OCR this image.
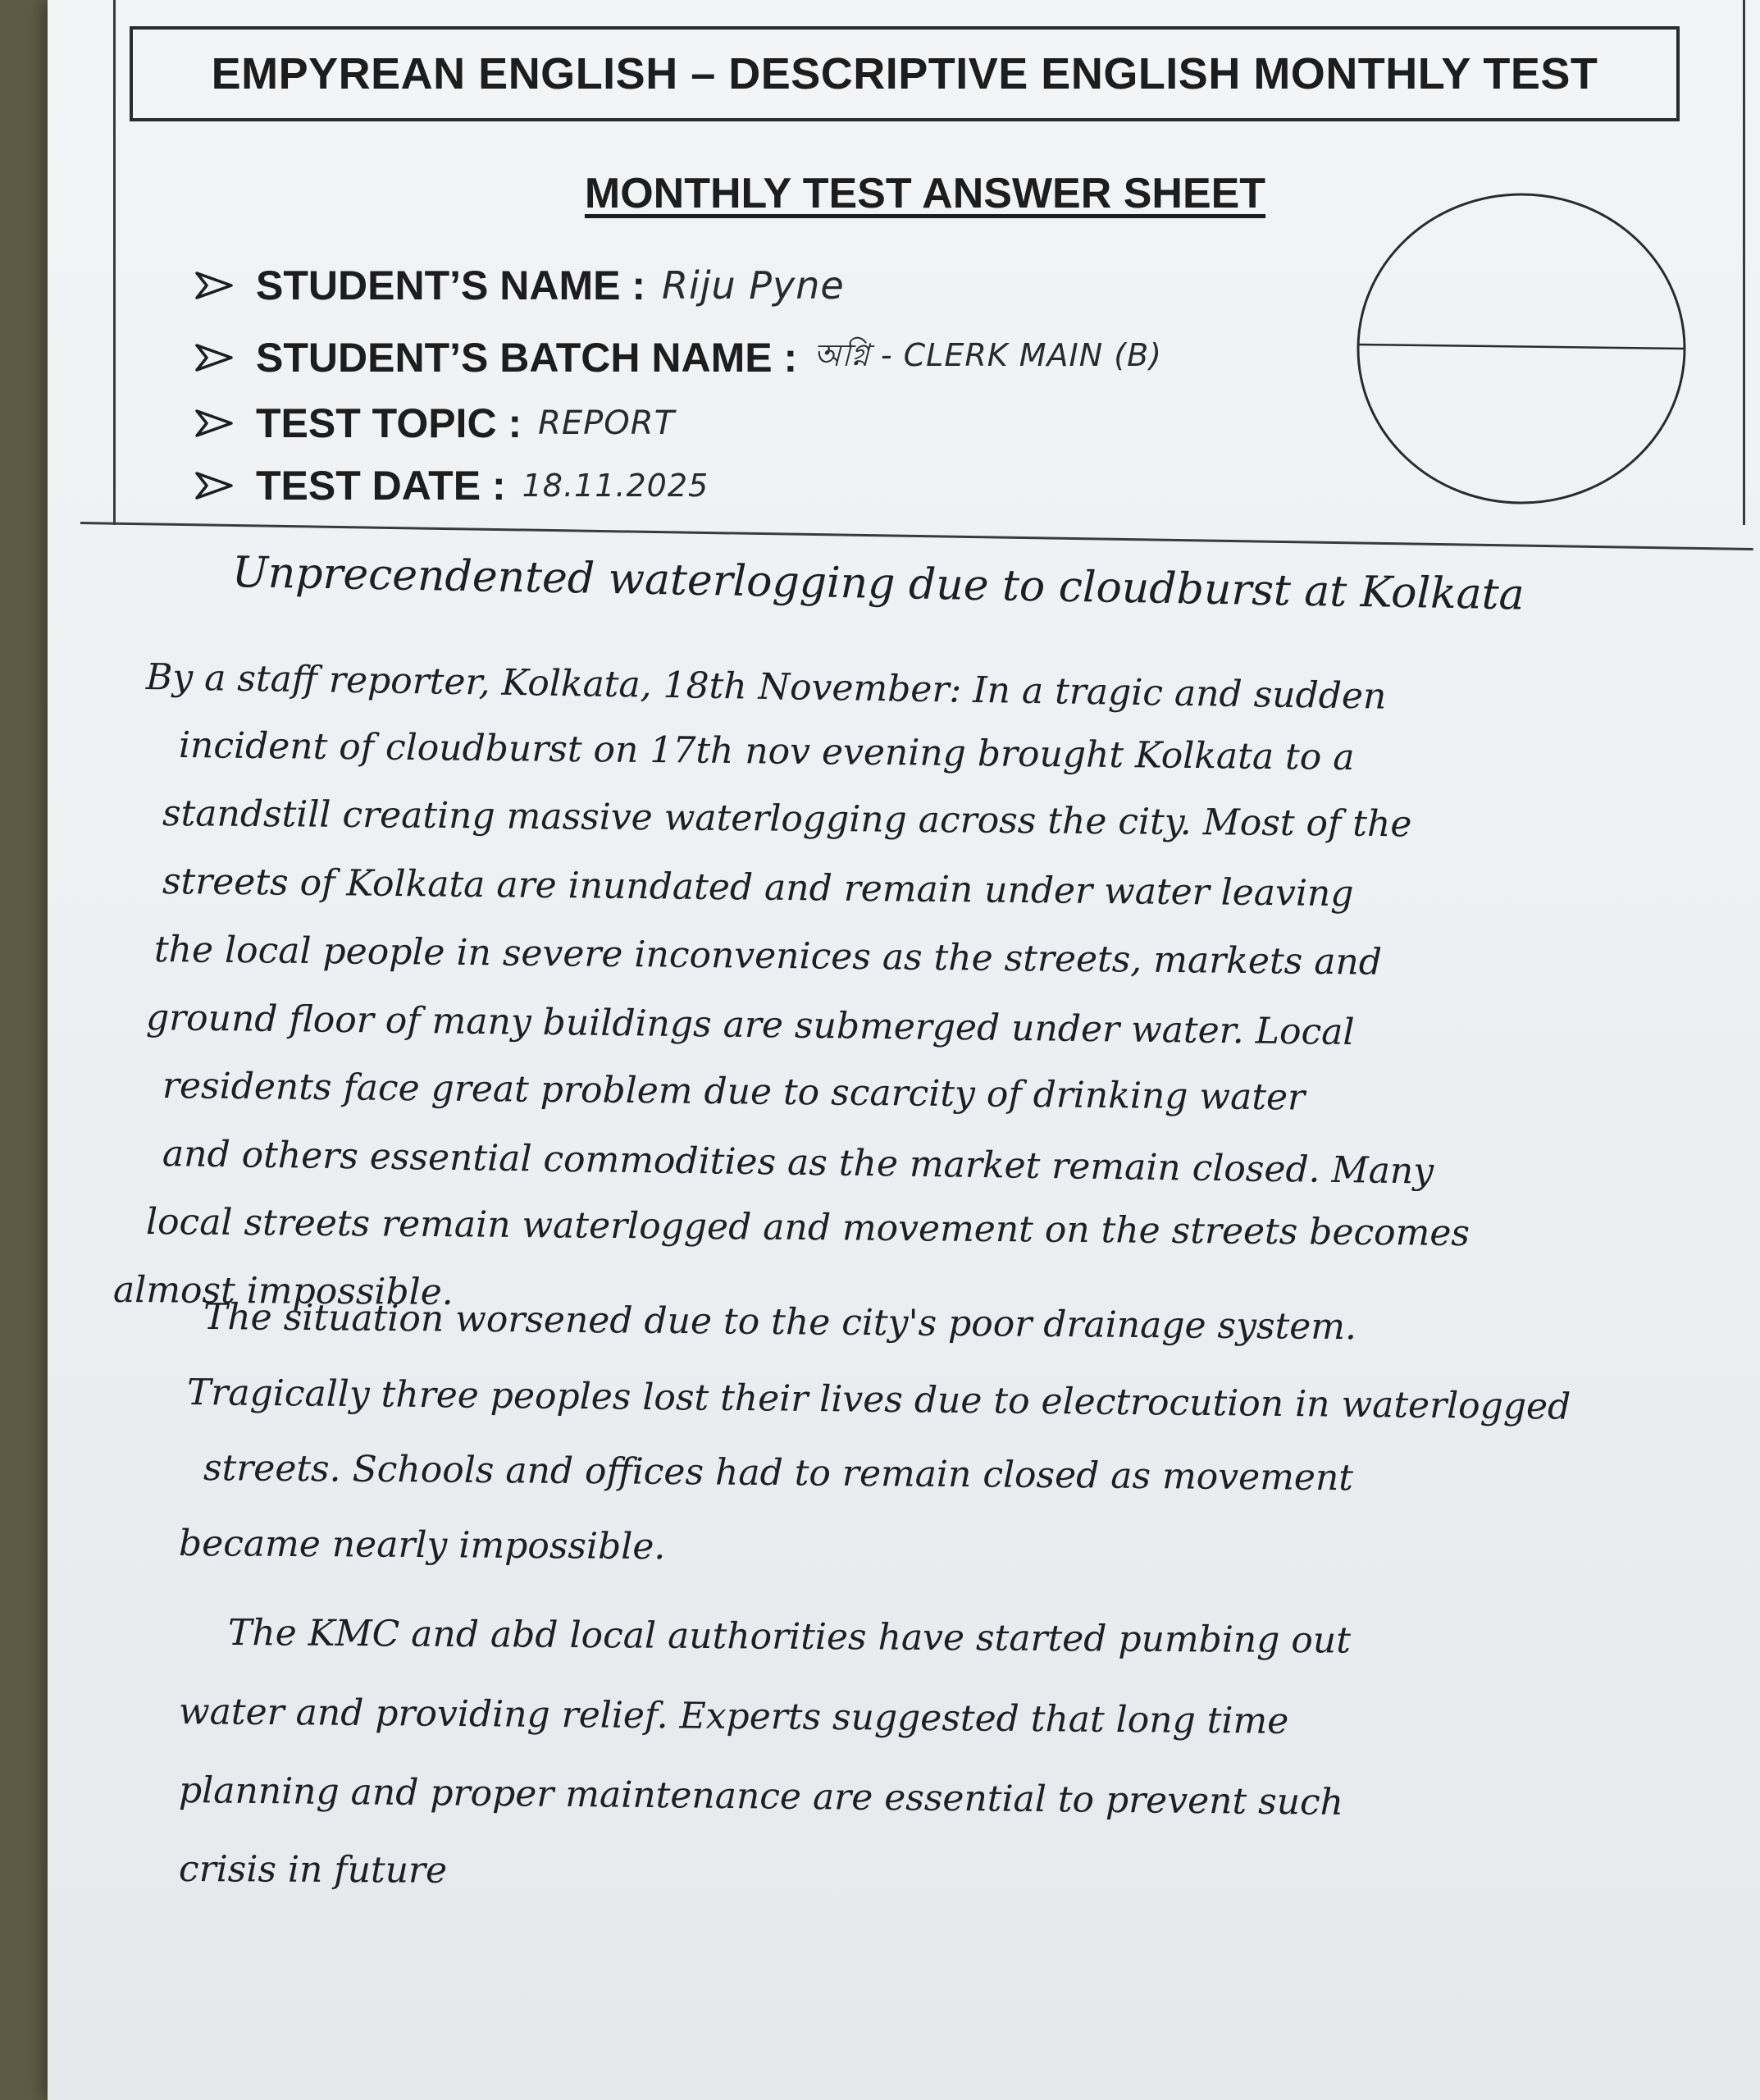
EMPYREAN ENGLISH – DESCRIPTIVE ENGLISH MONTHLY TEST
MONTHLY TEST ANSWER SHEET
STUDENT’S NAME : Riju Pyne
STUDENT’S BATCH NAME : অগ্নি - CLERK MAIN (B)
TEST TOPIC : REPORT
TEST DATE : 18.11.2025
Unprecendented waterlogging due to cloudburst at Kolkata
By a staff reporter, Kolkata, 18th November: In a tragic and sudden
incident of cloudburst on 17th nov evening brought Kolkata to a
standstill creating massive waterlogging across the city. Most of the
streets of Kolkata are inundated and remain under water leaving
the local people in severe inconvenices as the streets, markets and
ground floor of many buildings are submerged under water. Local
residents face great problem due to scarcity of drinking water
and others essential commodities as the market remain closed. Many
local streets remain waterlogged and movement on the streets becomes
almost impossible.
The situation worsened due to the city's poor drainage system.
Tragically three peoples lost their lives due to electrocution in waterlogged
streets. Schools and offices had to remain closed as movement
became nearly impossible.
The KMC and abd local authorities have started pumbing out
water and providing relief. Experts suggested that long time
planning and proper maintenance are essential to prevent such
crisis in future
